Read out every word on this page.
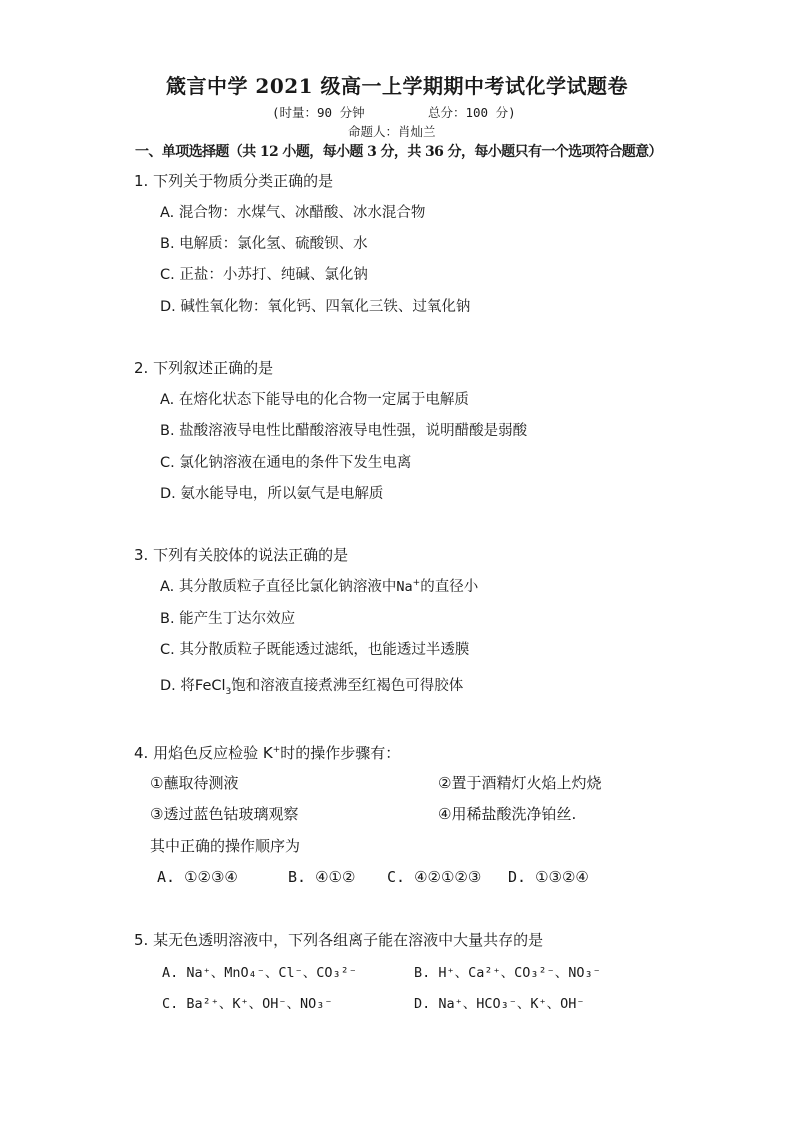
箴言中学 2021 级高一上学期期中考试化学试题卷
(时量：90 分钟	总分：100 分)
命题人：肖灿兰
一、单项选择题（共 12 小题，每小题 3 分，共 36 分，每小题只有一个选项符合题意）
1. 下列关于物质分类正确的是
A. 混合物：水煤气、冰醋酸、冰水混合物
B. 电解质：氯化氢、硫酸钡、水
C. 正盐：小苏打、纯碱、氯化钠
D. 碱性氧化物：氧化钙、四氧化三铁、过氧化钠
2. 下列叙述正确的是
A. 在熔化状态下能导电的化合物一定属于电解质
B. 盐酸溶液导电性比醋酸溶液导电性强，说明醋酸是弱酸
C. 氯化钠溶液在通电的条件下发生电离
D. 氨水能导电，所以氨气是电解质
3. 下列有关胶体的说法正确的是
A. 其分散质粒子直径比氯化钠溶液中Na+的直径小
B. 能产生丁达尔效应
C. 其分散质粒子既能透过滤纸，也能透过半透膜
D. 将FeCl$_3$饱和溶液直接煮沸至红褐色可得胶体
4. 用焰色反应检验 K+时的操作步骤有：
①蘸取待测液	②置于酒精灯火焰上灼烧
③透过蓝色钴玻璃观察	④用稀盐酸洗净铂丝.
其中正确的操作顺序为
A. ①②③④	B. ④①② C. ④②①②③ D. ①③②④
5. 某无色透明溶液中，下列各组离子能在溶液中大量共存的是
A. Na⁺、MnO₄⁻、Cl⁻、CO₃²⁻	B. H⁺、Ca²⁺、CO₃²⁻、NO₃⁻
C. Ba²⁺、K⁺、OH⁻、NO₃⁻	D. Na⁺、HCO₃⁻、K⁺、OH⁻
